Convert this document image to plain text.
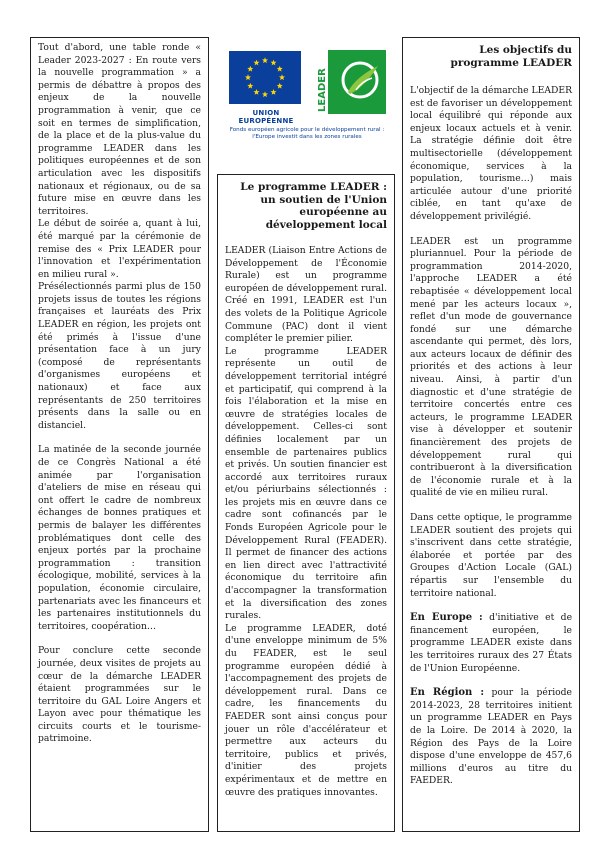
Tout d'abord, une table ronde « Leader 2023-2027 : En route vers la nouvelle programmation » a permis de débattre à propos des enjeux de la nouvelle programmation à venir, que ce soit en termes de simplification, de la place et de la plus-value du programme LEADER dans les politiques européennes et de son articulation avec les dispositifs nationaux et régionaux, ou de sa future mise en œuvre dans les territoires.

Le début de soirée a, quant à lui, été marqué par la cérémonie de remise des « Prix LEADER pour l'innovation et l'expérimentation en milieu rural ».

Présélectionnés parmi plus de 150 projets issus de toutes les régions françaises et lauréats des Prix LEADER en région, les projets ont été primés à l'issue d'une présentation face à un jury (composé de représentants d'organismes européens et nationaux) et face aux représentants de 250 territoires présents dans la salle ou en distanciel.

La matinée de la seconde journée de ce Congrès National a été animée par l'organisation d'ateliers de mise en réseau qui ont offert le cadre de nombreux échanges de bonnes pratiques et permis de balayer les différentes problématiques dont celle des enjeux portés par la prochaine programmation : transition écologique, mobilité, services à la population, économie circulaire, partenariats avec les financeurs et les partenaires institutionnels du territoires, coopération…

Pour conclure cette seconde journée, deux visites de projets au cœur de la démarche LEADER étaient programmées sur le territoire du GAL Loire Angers et Layon avec pour thématique les circuits courts et le tourisme-patrimoine.

UNION EUROPÉENNE
LEADER
Fonds européen agricole pour le développement rural :
l'Europe investit dans les zones rurales
Le programme LEADER : un soutien de l'Union européenne au développement local

LEADER (Liaison Entre Actions de Développement de l'Économie Rurale) est un programme européen de développement rural. Créé en 1991, LEADER est l'un des volets de la Politique Agricole Commune (PAC) dont il vient compléter le premier pilier.

Le programme LEADER représente un outil de développement territorial intégré et participatif, qui comprend à la fois l'élaboration et la mise en œuvre de stratégies locales de développement. Celles-ci sont définies localement par un ensemble de partenaires publics et privés. Un soutien financier est accordé aux territoires ruraux et/ou périurbains sélectionnés : les projets mis en œuvre dans ce cadre sont cofinancés par le Fonds Européen Agricole pour le Développement Rural (FEADER). Il permet de financer des actions en lien direct avec l'attractivité économique du territoire afin d'accompagner la transformation et la diversification des zones rurales.

Le programme LEADER, doté d'une enveloppe minimum de 5% du FEADER, est le seul programme européen dédié à l'accompagnement des projets de développement rural. Dans ce cadre, les financements du FAEDER sont ainsi conçus pour jouer un rôle d'accélérateur et permettre aux acteurs du territoire, publics et privés, d'initier des projets expérimentaux et de mettre en œuvre des pratiques innovantes.

Les objectifs du programme LEADER

L'objectif de la démarche LEADER est de favoriser un développement local équilibré qui réponde aux enjeux locaux actuels et à venir. La stratégie définie doit être multisectorielle (développement économique, services à la population, tourisme…) mais articulée autour d'une priorité ciblée, en tant qu'axe de développement privilégié.

LEADER est un programme pluriannuel. Pour la période de programmation 2014-2020, l'approche LEADER a été rebaptisée « développement local mené par les acteurs locaux », reflet d'un mode de gouvernance fondé sur une démarche ascendante qui permet, dès lors, aux acteurs locaux de définir des priorités et des actions à leur niveau. Ainsi, à partir d'un diagnostic et d'une stratégie de territoire concertés entre ces acteurs, le programme LEADER vise à développer et soutenir financièrement des projets de développement rural qui contribueront à la diversification de l'économie rurale et à la qualité de vie en milieu rural.

Dans cette optique, le programme LEADER soutient des projets qui s'inscrivent dans cette stratégie, élaborée et portée par des Groupes d'Action Locale (GAL) répartis sur l'ensemble du territoire national.

En Europe : d'initiative et de financement européen, le programme LEADER existe dans les territoires ruraux des 27 États de l'Union Européenne.

En Région : pour la période 2014-2023, 28 territoires initient un programme LEADER en Pays de la Loire. De 2014 à 2020, la Région des Pays de la Loire dispose d'une enveloppe de 457,6 millions d'euros au titre du FAEDER.
